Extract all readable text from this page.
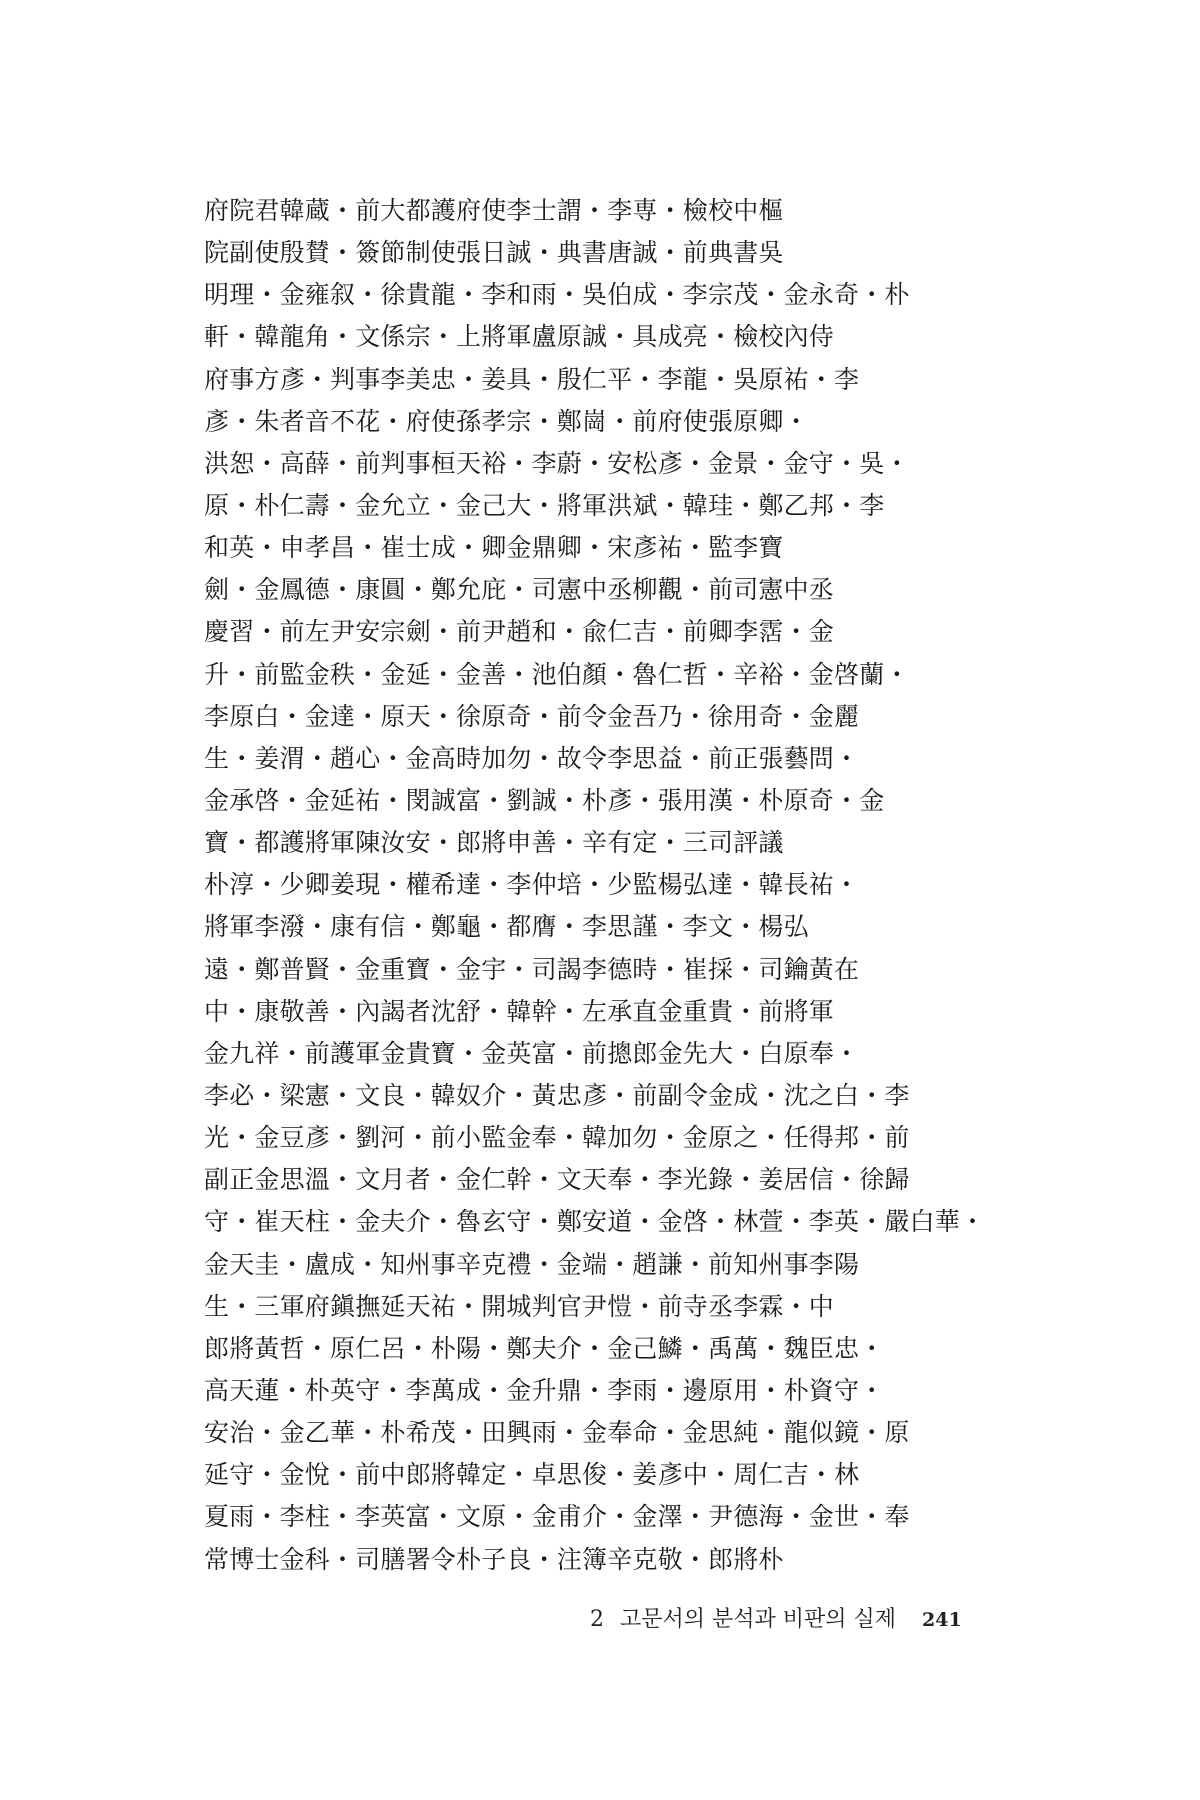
府院君韓蔵・前大都護府使李士謂・李専・檢校中樞
院副使殷賛・簽節制使張日誠・典書唐誠・前典書吳
明理・金雍叙・徐貴龍・李和雨・吳伯成・李宗茂・金永奇・朴
軒・韓龍角・文係宗・上將軍盧原誠・具成亮・檢校內侍
府事方彥・判事李美忠・姜具・殷仁平・李龍・吳原祐・李
彥・朱者音不花・府使孫孝宗・鄭崗・前府使張原卿・
洪恕・高薛・前判事桓天裕・李蔚・安松彥・金景・金守・吳・
原・朴仁壽・金允立・金己大・將軍洪斌・韓珪・鄭乙邦・李
和英・申孝昌・崔士成・卿金鼎卿・宋彥祐・監李寶
劍・金鳳德・康圓・鄭允庇・司憲中丞柳觀・前司憲中丞
慶習・前左尹安宗劍・前尹趙和・兪仁吉・前卿李霑・金
升・前監金秩・金延・金善・池伯顏・魯仁哲・辛裕・金啓蘭・
李原白・金達・原天・徐原奇・前令金吾乃・徐用奇・金麗
生・姜渭・趙心・金高時加勿・故令李思益・前正張藝問・
金承啓・金延祐・閔誠富・劉誠・朴彥・張用漢・朴原奇・金
寶・都護將軍陳汝安・郎將申善・辛有定・三司評議
朴淳・少卿姜現・權希達・李仲培・少監楊弘達・韓長祐・
將軍李潑・康有信・鄭龜・都膺・李思謹・李文・楊弘
遠・鄭普賢・金重寶・金宇・司謁李德時・崔採・司鑰黃在
中・康敬善・內謁者沈舒・韓幹・左承直金重貴・前將軍
金九祥・前護軍金貴寶・金英富・前摠郎金先大・白原奉・
李必・梁憲・文良・韓奴介・黃忠彥・前副令金成・沈之白・李
光・金豆彥・劉河・前小監金奉・韓加勿・金原之・任得邦・前
副正金思溫・文月者・金仁幹・文天奉・李光錄・姜居信・徐歸
守・崔天柱・金夫介・魯玄守・鄭安道・金啓・林萱・李英・嚴白華・
金天圭・盧成・知州事辛克禮・金端・趙謙・前知州事李陽
生・三軍府鎭撫延天祐・開城判官尹愷・前寺丞李霖・中
郎將黃哲・原仁呂・朴陽・鄭夫介・金己鱗・禹萬・魏臣忠・
高天蓮・朴英守・李萬成・金升鼎・李雨・邊原用・朴資守・
安治・金乙華・朴希茂・田興雨・金奉命・金思純・龍似鏡・原
延守・金悅・前中郎將韓定・卓思俊・姜彥中・周仁吉・林
夏雨・李柱・李英富・文原・金甫介・金澤・尹德海・金世・奉
常博士金科・司膳署令朴子良・注簿辛克敬・郎將朴
2 고문서의 분석과 비판의 실제 241
